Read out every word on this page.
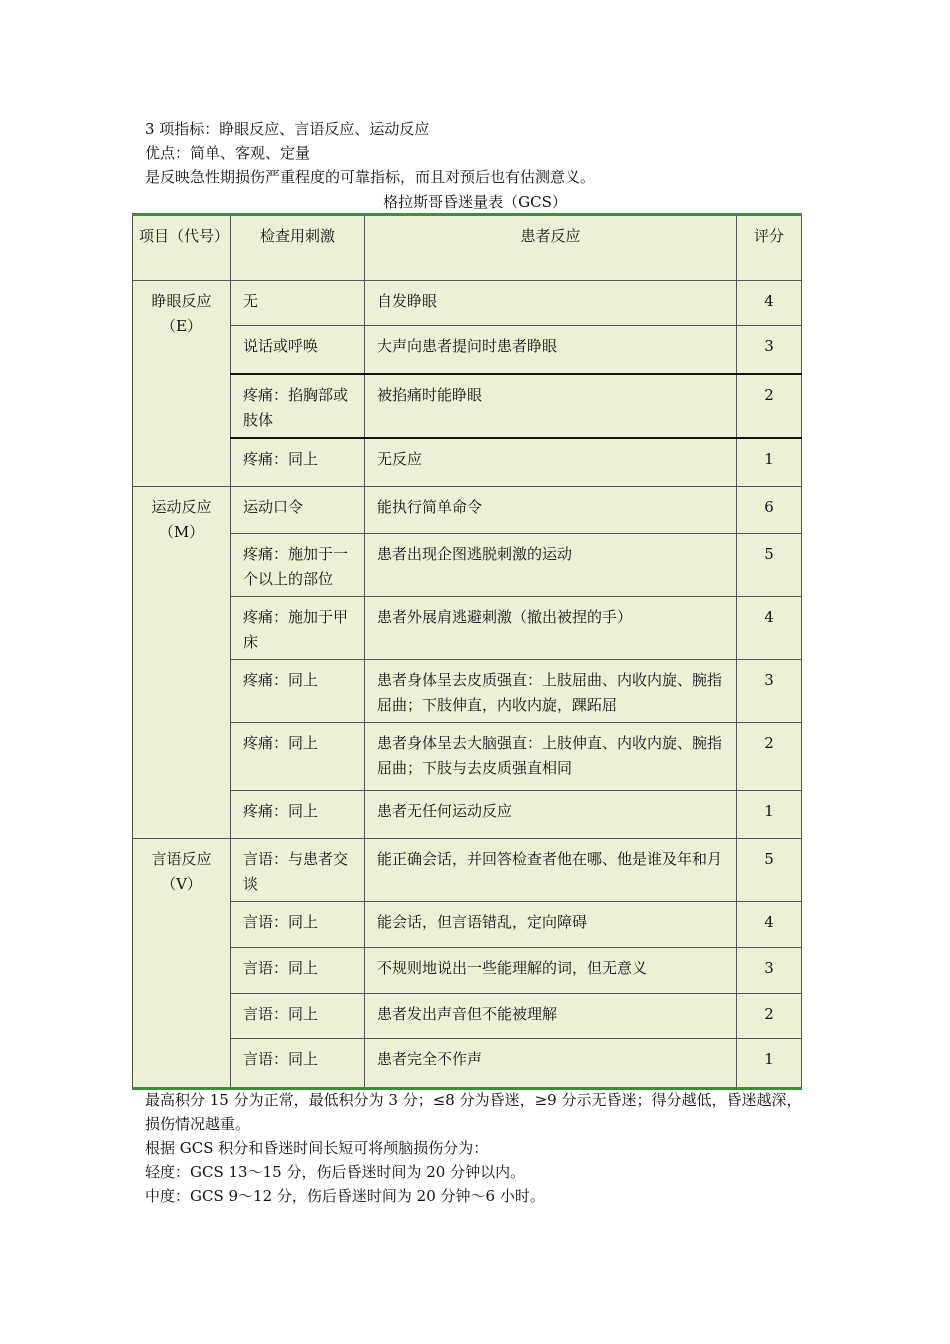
3 项指标：睁眼反应、言语反应、运动反应

优点：简单、客观、定量

是反映急性期损伤严重程度的可靠指标，而且对预后也有估测意义。

格拉斯哥昏迷量表（GCS）
项目（代号）	检查用刺激	患者反应	评分
睁眼反应（E）	无	自发睁眼	4
	说话或呼唤	大声向患者提问时患者睁眼	3
	疼痛：掐胸部或肢体	被掐痛时能睁眼	2
	疼痛：同上	无反应	1
运动反应（M）	运动口令	能执行简单命令	6
	疼痛：施加于一个以上的部位	患者出现企图逃脱刺激的运动	5
	疼痛：施加于甲床	患者外展肩逃避刺激（撤出被捏的手）	4
	疼痛：同上	患者身体呈去皮质强直：上肢屈曲、内收内旋、腕指屈曲；下肢伸直，内收内旋，踝跖屈	3
	疼痛：同上	患者身体呈去大脑强直：上肢伸直、内收内旋、腕指屈曲；下肢与去皮质强直相同	2
	疼痛：同上	患者无任何运动反应	1
言语反应（V）	言语：与患者交谈	能正确会话，并回答检查者他在哪、他是谁及年和月	5
	言语：同上	能会话，但言语错乱，定向障碍	4
	言语：同上	不规则地说出一些能理解的词，但无意义	3
	言语：同上	患者发出声音但不能被理解	2
	言语：同上	患者完全不作声	1

最高积分 15 分为正常，最低积分为 3 分；≤8 分为昏迷，≥9 分示无昏迷；得分越低，昏迷越深，损伤情况越重。

根据 GCS 积分和昏迷时间长短可将颅脑损伤分为：

轻度：GCS 13～15 分，伤后昏迷时间为 20 分钟以内。

中度：GCS 9～12 分，伤后昏迷时间为 20 分钟～6 小时。
